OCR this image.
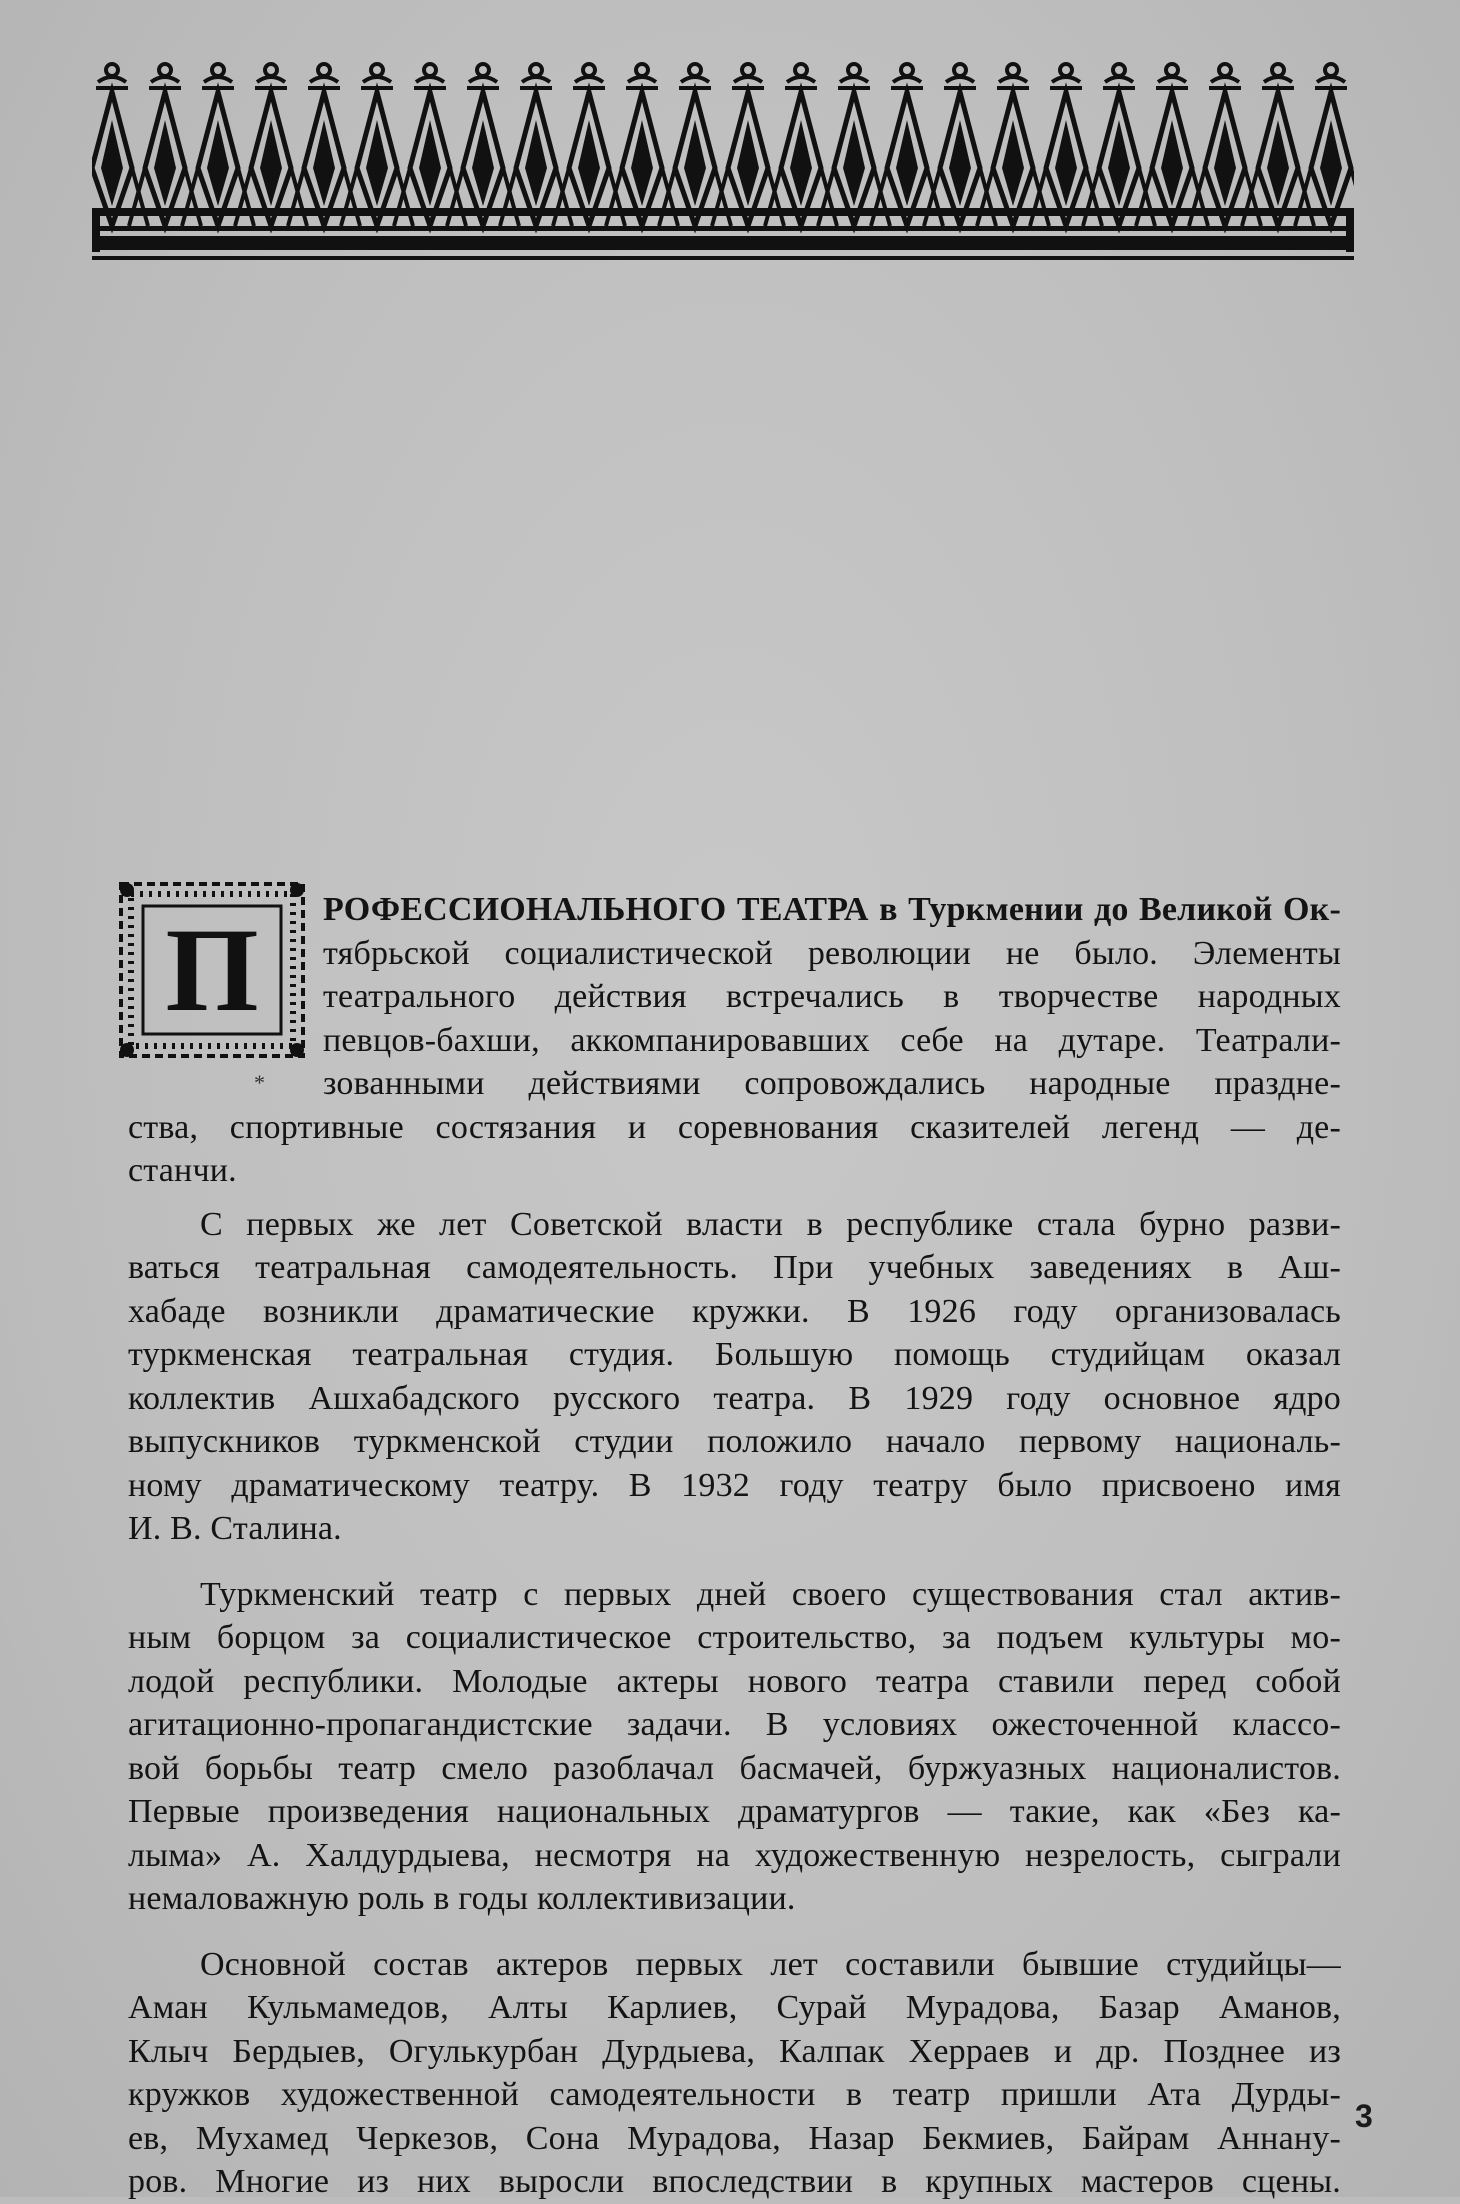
П
*
РОФЕССИОНАЛЬНОГО ТЕАТРА в Туркмении до Великой Ок-
тябрьской социалистической революции не было. Элементы
театрального действия встречались в творчестве народных
певцов-бахши, аккомпанировавших себе на дутаре. Театрали-
зованными действиями сопровождались народные праздне-
ства, спортивные состязания и соревнования сказителей легенд — де-
станчи.
С первых же лет Советской власти в республике стала бурно разви-
ваться театральная самодеятельность. При учебных заведениях в Аш-
хабаде возникли драматические кружки. В 1926 году организовалась
туркменская театральная студия. Большую помощь студийцам оказал
коллектив Ашхабадского русского театра. В 1929 году основное ядро
выпускников туркменской студии положило начало первому националь-
ному драматическому театру. В 1932 году театру было присвоено имя
И. В. Сталина.
Туркменский театр с первых дней своего существования стал актив-
ным борцом за социалистическое строительство, за подъем культуры мо-
лодой республики. Молодые актеры нового театра ставили перед собой
агитационно-пропагандистские задачи. В условиях ожесточенной классо-
вой борьбы театр смело разоблачал басмачей, буржуазных националистов.
Первые произведения национальных драматургов — такие, как «Без ка-
лыма» А. Халдурдыева, несмотря на художественную незрелость, сыграли
немаловажную роль в годы коллективизации.
Основной состав актеров первых лет составили бывшие студийцы—
Аман Кульмамедов, Алты Карлиев, Сурай Мурадова, Базар Аманов,
Клыч Бердыев, Огулькурбан Дурдыева, Калпак Херраев и др. Позднее из
кружков художественной самодеятельности в театр пришли Ата Дурды-
ев, Мухамед Черкезов, Сона Мурадова, Назар Бекмиев, Байрам Аннану-
ров. Многие из них выросли впоследствии в крупных мастеров сцены.
3
